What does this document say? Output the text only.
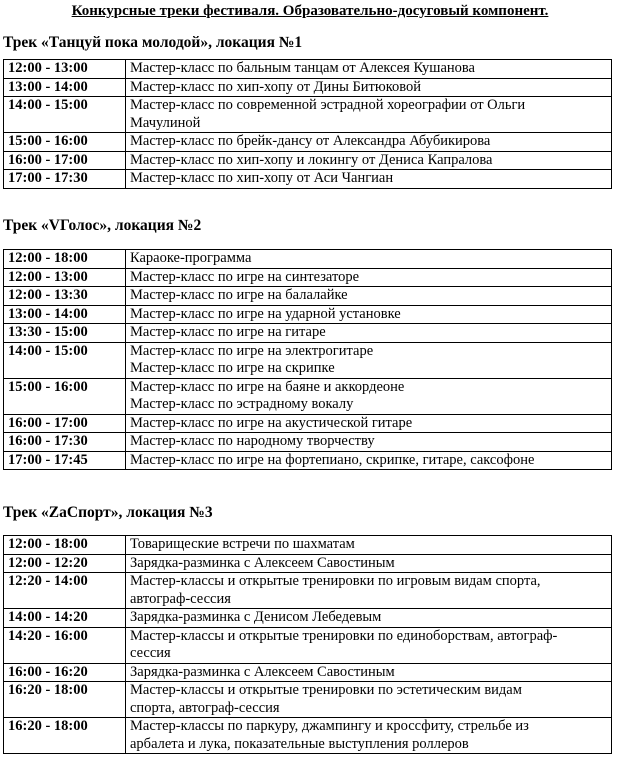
Конкурсные треки фестиваля. Образовательно-досуговый компонент.
Трек «Танцуй пока молодой», локация №1
12:00 - 13:00	Мастер-класс по бальным танцам от Алексея Кушанова
13:00 - 14:00	Мастер-класс по хип-хопу от Дины Битюковой
14:00 - 15:00	Мастер-класс по современной эстрадной хореографии от Ольги
Мачулиной
15:00 - 16:00	Мастер-класс по брейк-дансу от Александра Абубикирова
16:00 - 17:00	Мастер-класс по хип-хопу и локингу от Дениса Капралова
17:00 - 17:30	Мастер-класс по хип-хопу от Аси Чангиан
Трек «VГолос», локация №2
12:00 - 18:00	Караоке-программа
12:00 - 13:00	Мастер-класс по игре на синтезаторе
12:00 - 13:30	Мастер-класс по игре на балалайке
13:00 - 14:00	Мастер-класс по игре на ударной установке
13:30 - 15:00	Мастер-класс по игре на гитаре
14:00 - 15:00	Мастер-класс по игре на электрогитаре
Мастер-класс по игре на скрипке
15:00 - 16:00	Мастер-класс по игре на баяне и аккордеоне
Мастер-класс по эстрадному вокалу
16:00 - 17:00	Мастер-класс по игре на акустической гитаре
16:00 - 17:30	Мастер-класс по народному творчеству
17:00 - 17:45	Мастер-класс по игре на фортепиано, скрипке, гитаре, саксофоне
Трек «ZaСпорт», локация №3
12:00 - 18:00	Товарищеские встречи по шахматам
12:00 - 12:20	Зарядка-разминка с Алексеем Савостиным
12:20 - 14:00	Мастер-классы и открытые тренировки по игровым видам спорта,
автограф-сессия
14:00 - 14:20	Зарядка-разминка с Денисом Лебедевым
14:20 - 16:00	Мастер-классы и открытые тренировки по единоборствам, автограф-
сессия
16:00 - 16:20	Зарядка-разминка с Алексеем Савостиным
16:20 - 18:00	Мастер-классы и открытые тренировки по эстетическим видам
спорта, автограф-сессия
16:20 - 18:00	Мастер-классы по паркуру, джампингу и кроссфиту, стрельбе из
арбалета и лука, показательные выступления роллеров
